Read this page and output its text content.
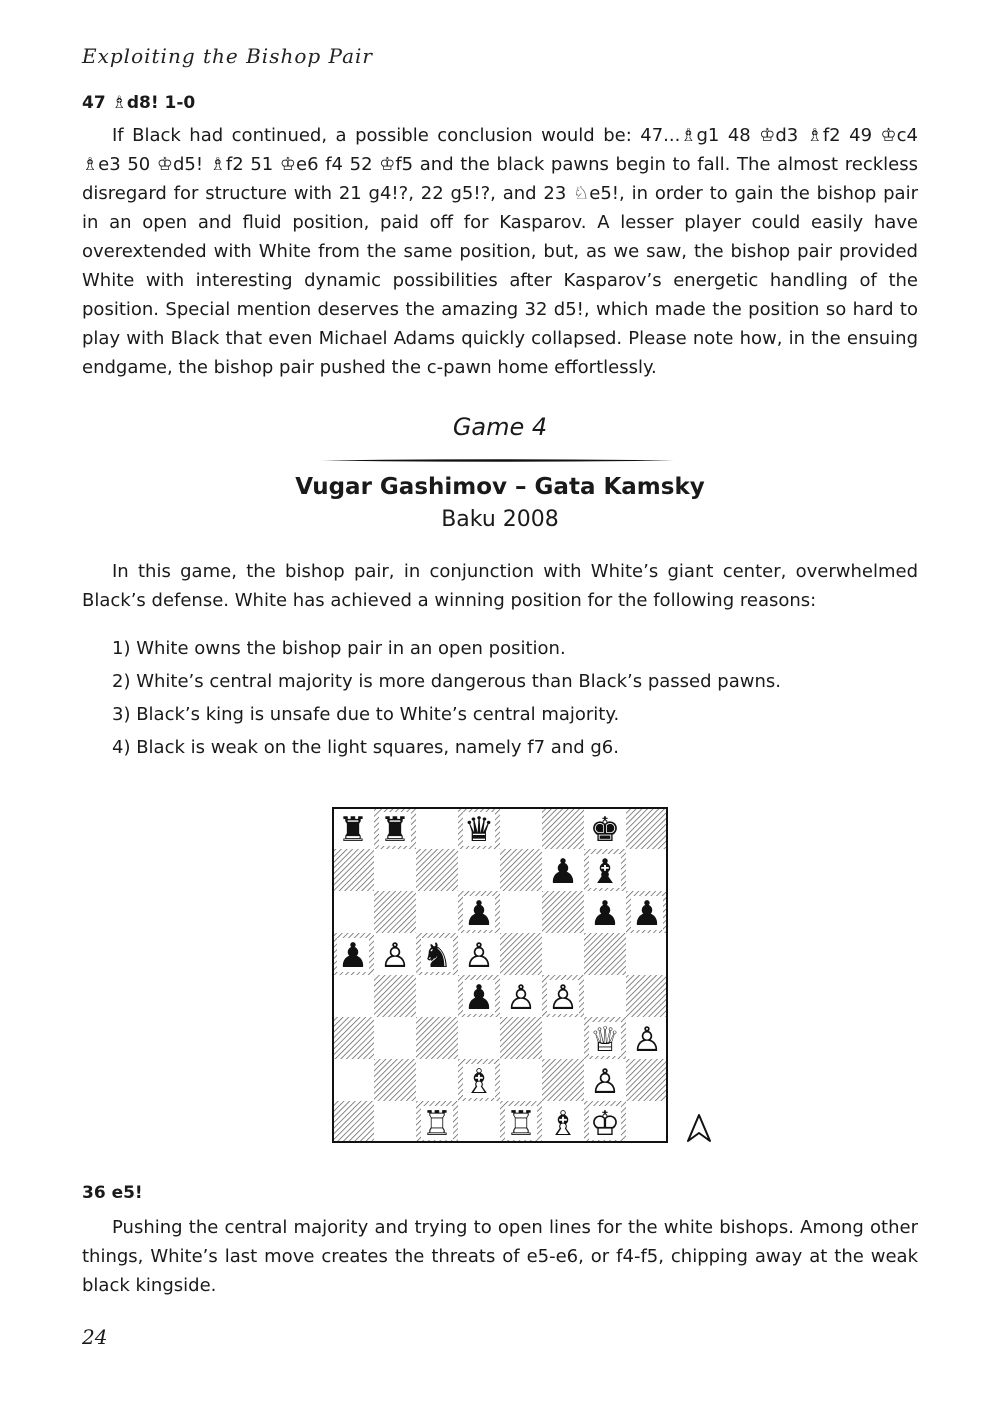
Exploiting the Bishop Pair
47 ♗d8! 1-0

If Black had continued, a possible conclusion would be: 47...♗g1 48 ♔d3 ♗f2 49 ♔c4 ♗e3 50 ♔d5! ♗f2 51 ♔e6 f4 52 ♔f5 and the black pawns begin to fall. The almost reckless disregard for structure with 21 g4!?, 22 g5!?, and 23 ♘e5!, in order to gain the bishop pair in an open and fluid position, paid off for Kasparov. A lesser player could easily have overextended with White from the same position, but, as we saw, the bishop pair provided White with interesting dynamic possibilities after Kasparov’s energetic handling of the position. Special mention deserves the amazing 32 d5!, which made the position so hard to play with Black that even Michael Adams quickly collapsed. Please note how, in the ensuing endgame, the bishop pair pushed the c-pawn home effortlessly.

Game 4
Vugar Gashimov – Gata Kamsky
Baku 2008

In this game, the bishop pair, in conjunction with White’s giant center, overwhelmed Black’s defense. White has achieved a winning position for the following reasons:

1) White owns the bishop pair in an open position.
2) White’s central majority is more dangerous than Black’s passed pawns.
3) Black’s king is unsafe due to White’s central majority.
4) Black is weak on the light squares, namely f7 and g6.
♜ ♜ ♛	♚
♟ ♝
♟	♟ ♟
♟ ♙ ♞ ♙
♟ ♙ ♙
♕ ♙
♗	♙
♖ ♖ ♗ ♔
36 e5!

Pushing the central majority and trying to open lines for the white bishops. Among other things, White’s last move creates the threats of e5-e6, or f4-f5, chipping away at the weak black kingside.

24
